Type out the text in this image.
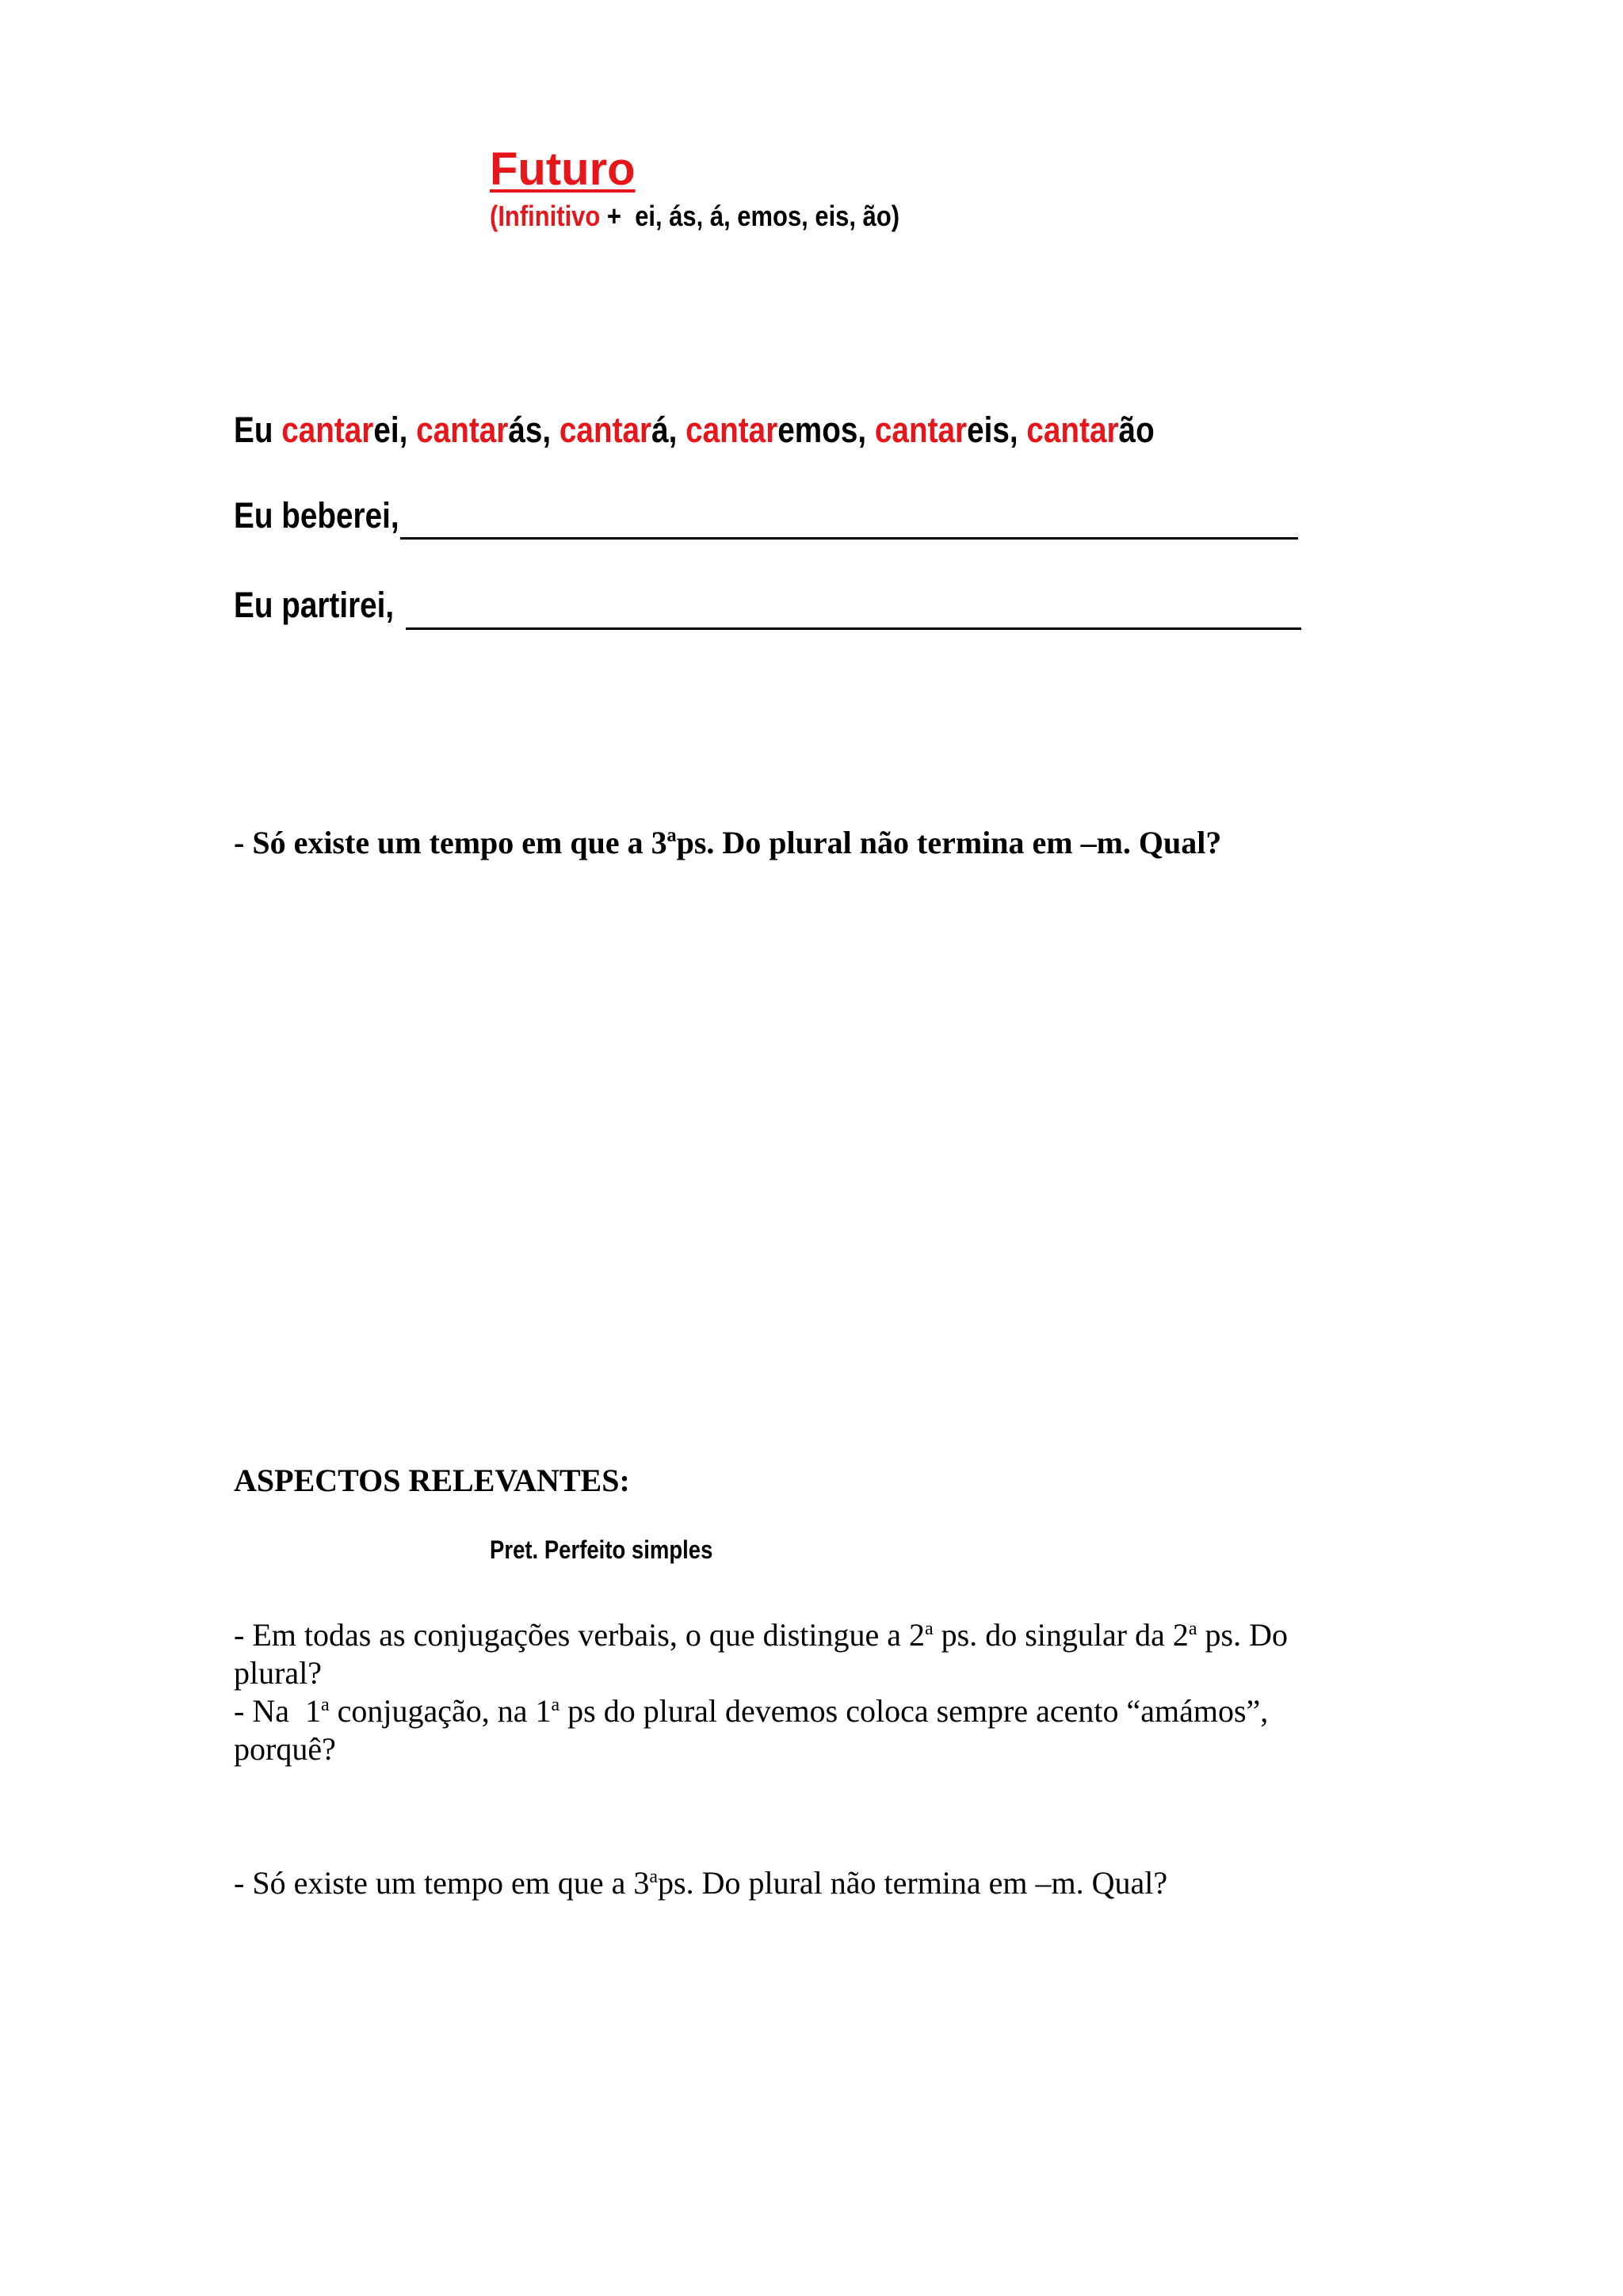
Futuro
(Infinitivo +  ei, ás, á, emos, eis, ão)
Eu cantarei, cantarás, cantará, cantaremos, cantareis, cantarão
Eu beberei,
Eu partirei,
- Só existe um tempo em que a 3ªps. Do plural não termina em –m. Qual?
ASPECTOS RELEVANTES:
Pret. Perfeito simples
- Em todas as conjugações verbais, o que distingue a 2$^a$ ps. do singular da 2$^a$ ps. Do
plural?
- Na  1$^a$ conjugação, na 1$^a$ ps do plural devemos coloca sempre acento “amámos”,
porquê?
- Só existe um tempo em que a 3$^a$ps. Do plural não termina em –m. Qual?
